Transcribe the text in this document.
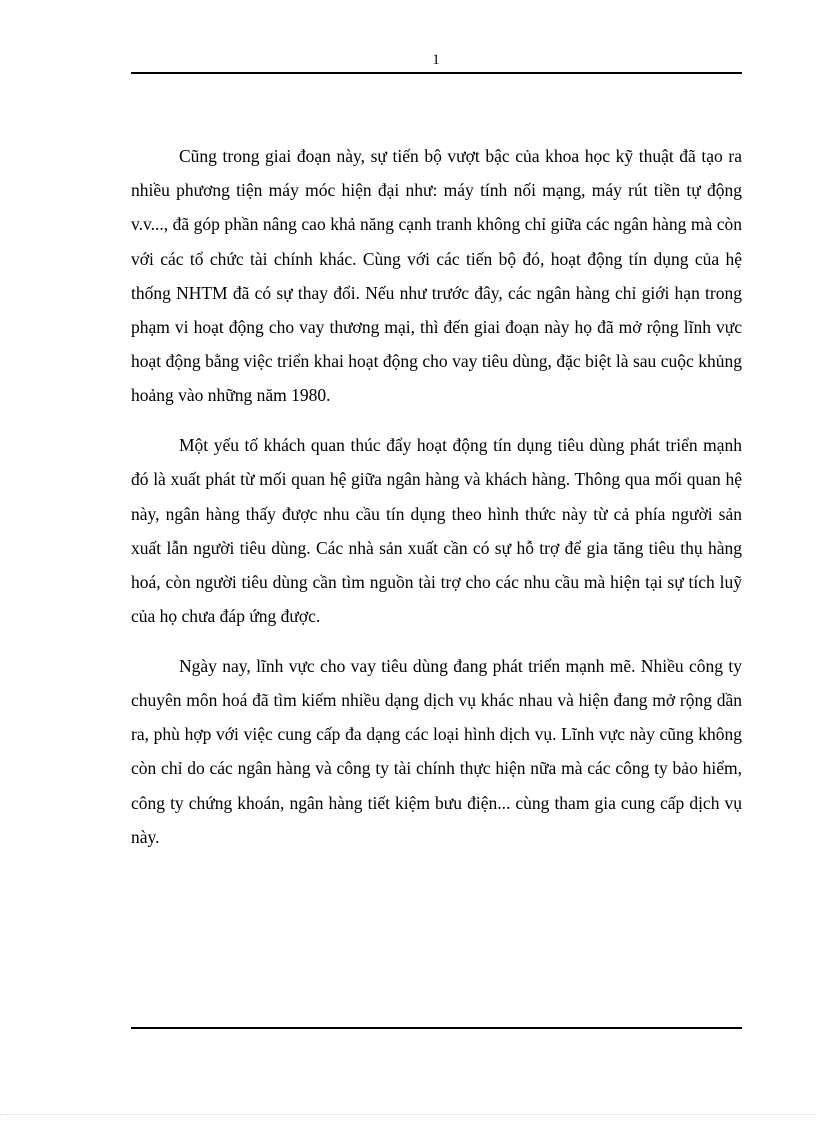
1

Cũng trong giai đoạn này, sự tiến bộ vượt bậc của khoa học kỹ thuật đã tạo ra nhiều phương tiện máy móc hiện đại như: máy tính nối mạng, máy rút tiền tự động v.v..., đã góp phần nâng cao khả năng cạnh tranh không chỉ giữa các ngân hàng mà còn với các tổ chức tài chính khác. Cùng với các tiến bộ đó, hoạt động tín dụng của hệ thống NHTM đã có sự thay đổi. Nếu như trước đây, các ngân hàng chỉ giới hạn trong phạm vi hoạt động cho vay thương mại, thì đến giai đoạn này họ đã mở rộng lĩnh vực hoạt động bằng việc triển khai hoạt động cho vay tiêu dùng, đặc biệt là sau cuộc khủng hoảng vào những năm 1980.

Một yếu tố khách quan thúc đẩy hoạt động tín dụng tiêu dùng phát triển mạnh đó là xuất phát từ mối quan hệ giữa ngân hàng và khách hàng. Thông qua mối quan hệ này, ngân hàng thấy được nhu cầu tín dụng theo hình thức này từ cả phía người sản xuất lẫn người tiêu dùng. Các nhà sản xuất cần có sự hỗ trợ để gia tăng tiêu thụ hàng hoá, còn người tiêu dùng cần tìm nguồn tài trợ cho các nhu cầu mà hiện tại sự tích luỹ của họ chưa đáp ứng được.

Ngày nay, lĩnh vực cho vay tiêu dùng đang phát triển mạnh mẽ. Nhiều công ty chuyên môn hoá đã tìm kiếm nhiều dạng dịch vụ khác nhau và hiện đang mở rộng dần ra, phù hợp với việc cung cấp đa dạng các loại hình dịch vụ. Lĩnh vực này cũng không còn chỉ do các ngân hàng và công ty tài chính thực hiện nữa mà các công ty bảo hiểm, công ty chứng khoán, ngân hàng tiết kiệm bưu điện... cùng tham gia cung cấp dịch vụ này.
